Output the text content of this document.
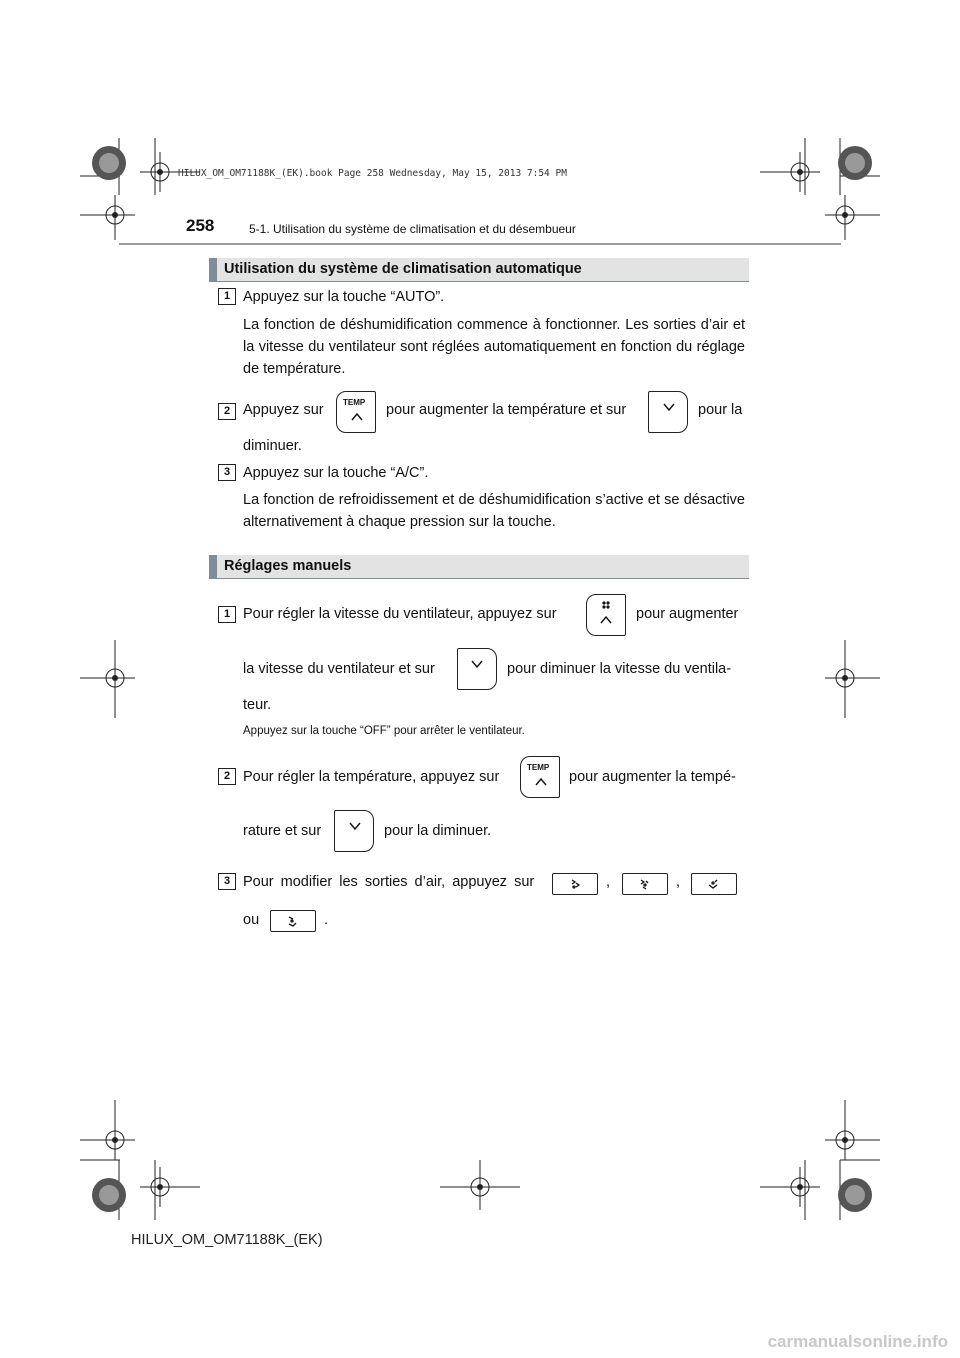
HILUX_OM_OM71188K_(EK).book Page 258 Wednesday, May 15, 2013 7:54 PM
258	5-1. Utilisation du système de climatisation et du désembueur
Utilisation du système de climatisation automatique
1 Appuyez sur la touche “AUTO”.
La fonction de déshumidification commence à fonctionner. Les sorties d’air et la vitesse du ventilateur sont réglées automatiquement en fonction du réglage de température.
2 Appuyez sur TEMP pour augmenter la température et sur	pour la
diminuer.
3 Appuyez sur la touche “A/C”.
La fonction de refroidissement et de déshumidification s’active et se désactive alternativement à chaque pression sur la touche.
Réglages manuels
1 Pour régler la vitesse du ventilateur, appuyez sur	pour augmenter
la vitesse du ventilateur et sur	pour diminuer la vitesse du ventila-
teur.
Appuyez sur la touche “OFF” pour arrêter le ventilateur.
2 Pour régler la température, appuyez sur
TEMP
pour augmenter la tempé-
rature et sur	pour la diminuer.
3 Pour modifier les sorties d’air, appuyez sur	,	,
ou	.
HILUX_OM_OM71188K_(EK)
carmanualsonline.info
